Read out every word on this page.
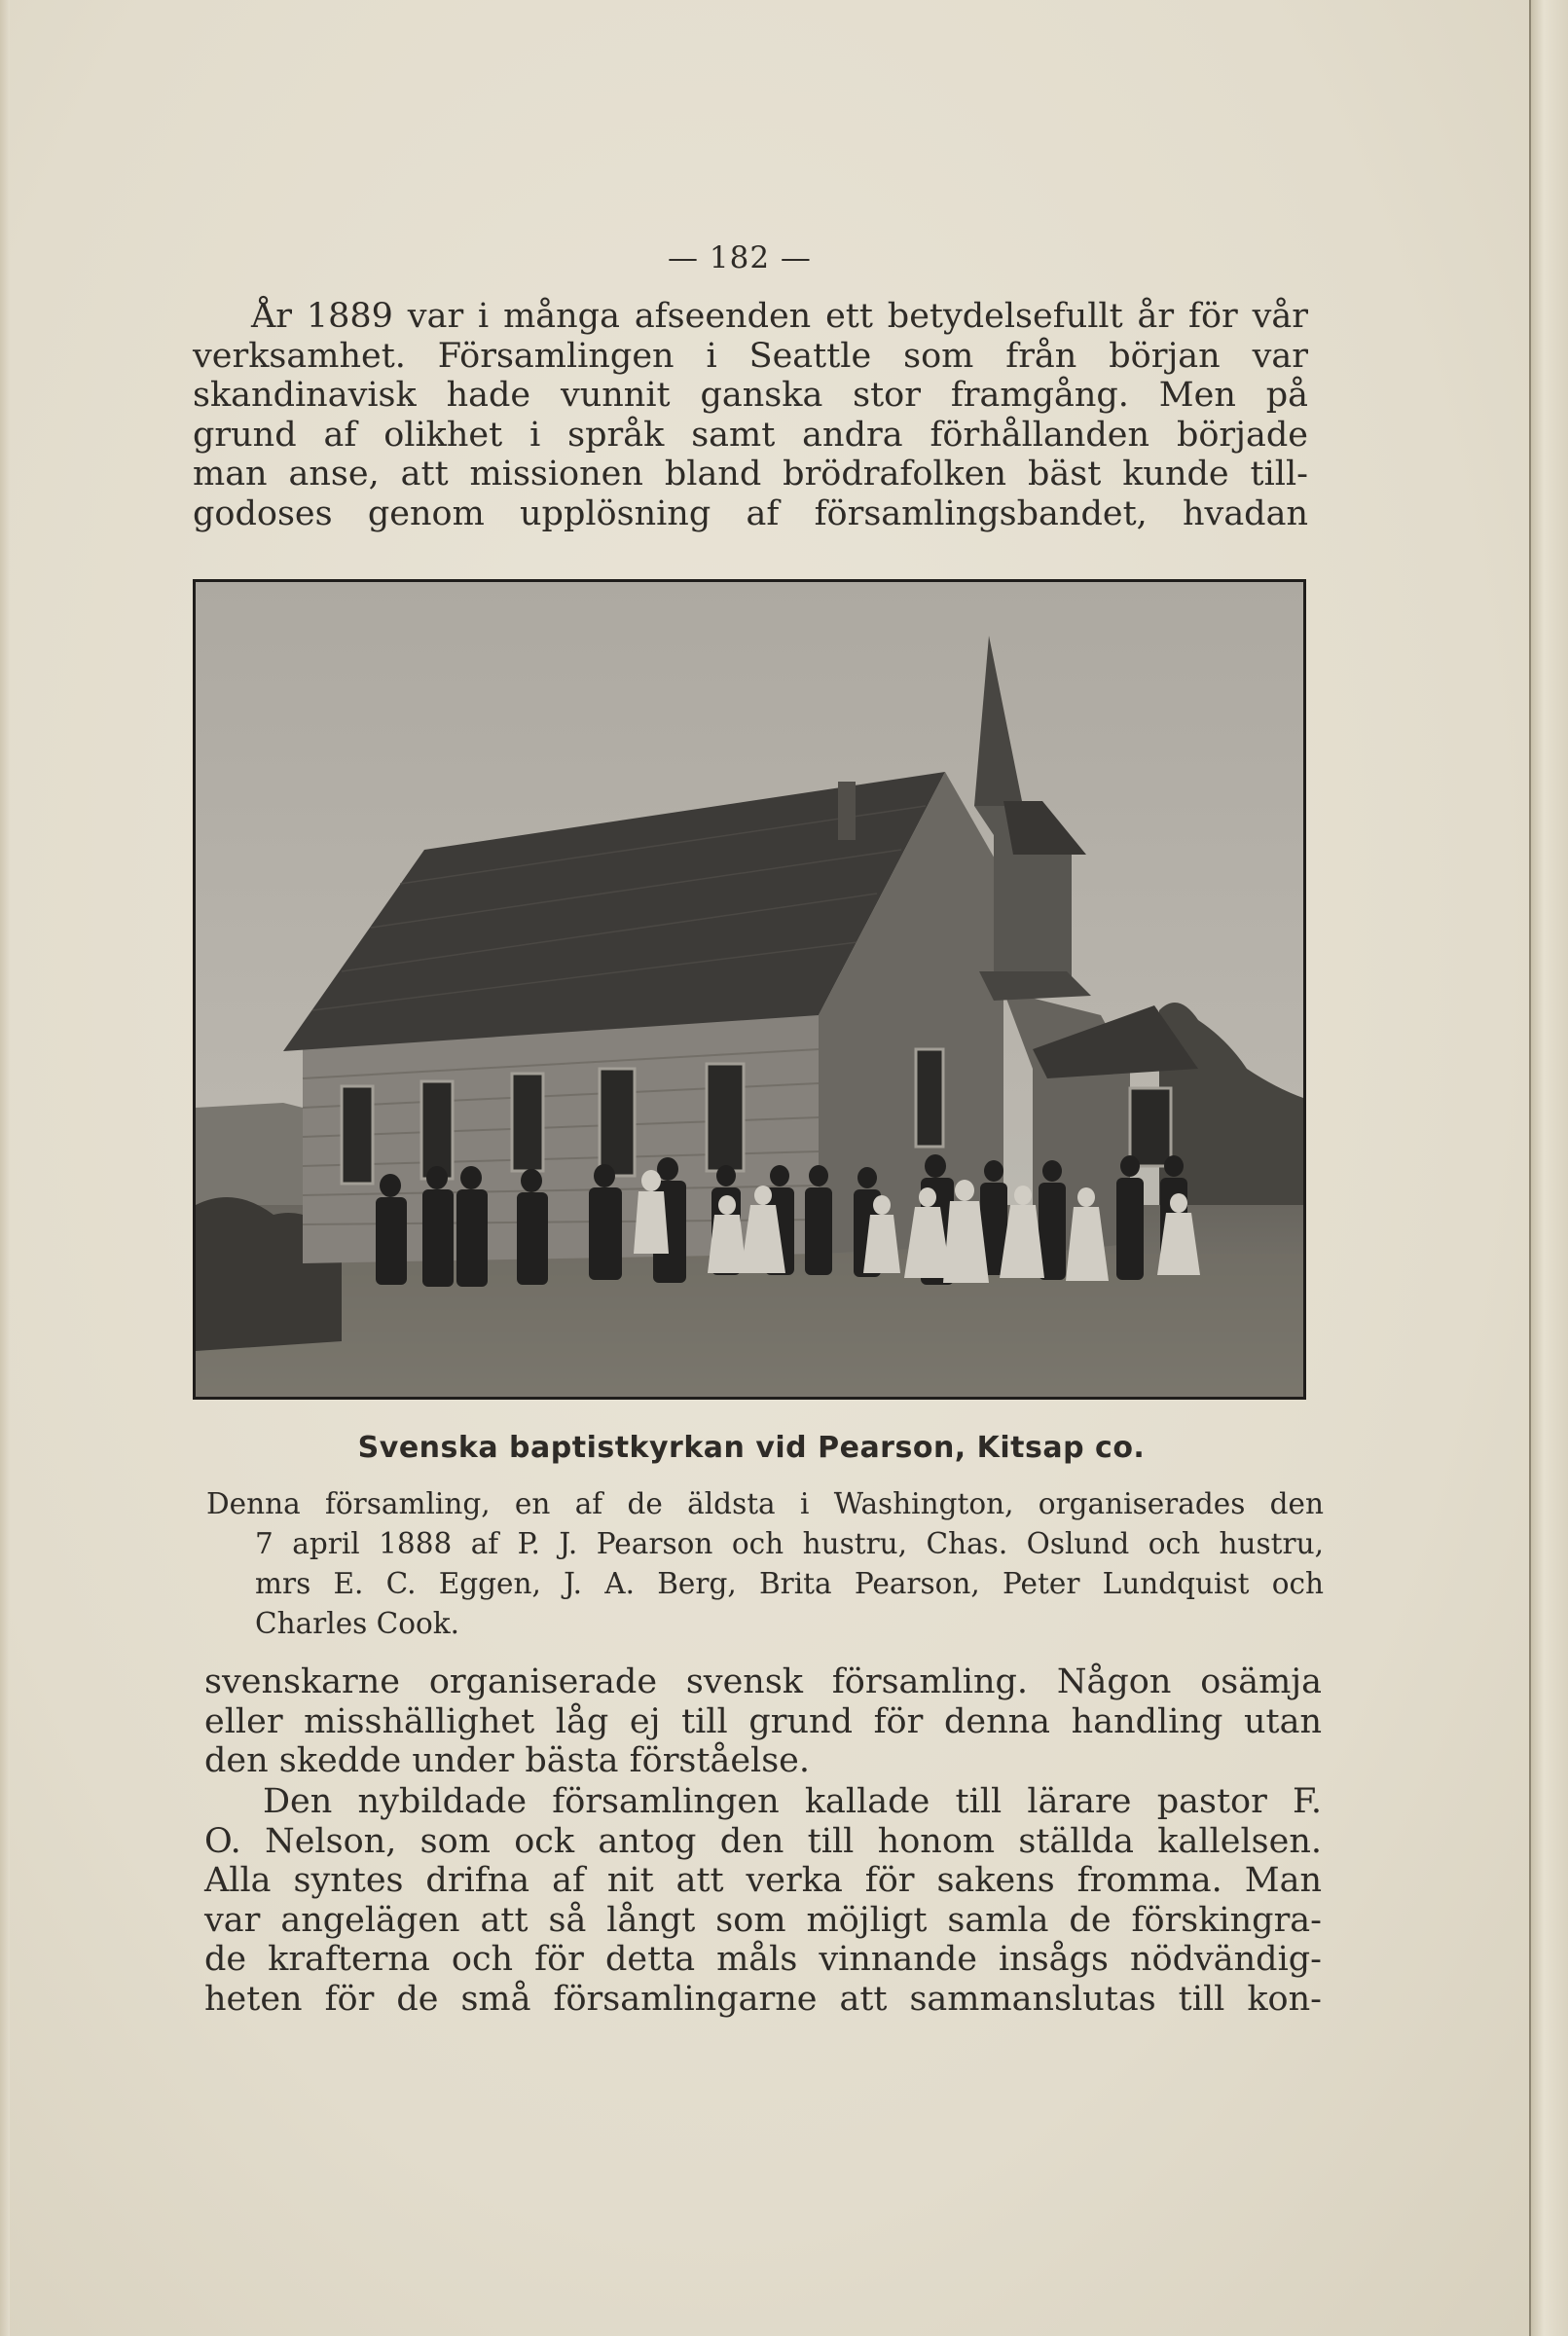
— 182 —
År 1889 var i många afseenden ett betydelsefullt år för vår
verksamhet. Församlingen i Seattle som från början var
skandinavisk hade vunnit ganska stor framgång. Men på
grund af olikhet i språk samt andra förhållanden började
man anse, att missionen bland brödrafolken bäst kunde till-
godoses genom upplösning af församlingsbandet, hvadan
Svenska baptistkyrkan vid Pearson, Kitsap co.
Denna församling, en af de äldsta i Washington, organiserades den
7 april 1888 af P. J. Pearson och hustru, Chas. Oslund och hustru,
mrs E. C. Eggen, J. A. Berg, Brita Pearson, Peter Lundquist och
Charles Cook.
svenskarne organiserade svensk församling. Någon osämja
eller misshällighet låg ej till grund för denna handling utan
den skedde under bästa förståelse.
Den nybildade församlingen kallade till lärare pastor F.
O. Nelson, som ock antog den till honom ställda kallelsen.
Alla syntes drifna af nit att verka för sakens fromma. Man
var angelägen att så långt som möjligt samla de förskingra-
de krafterna och för detta måls vinnande insågs nödvändig-
heten för de små församlingarne att sammanslutas till kon-
